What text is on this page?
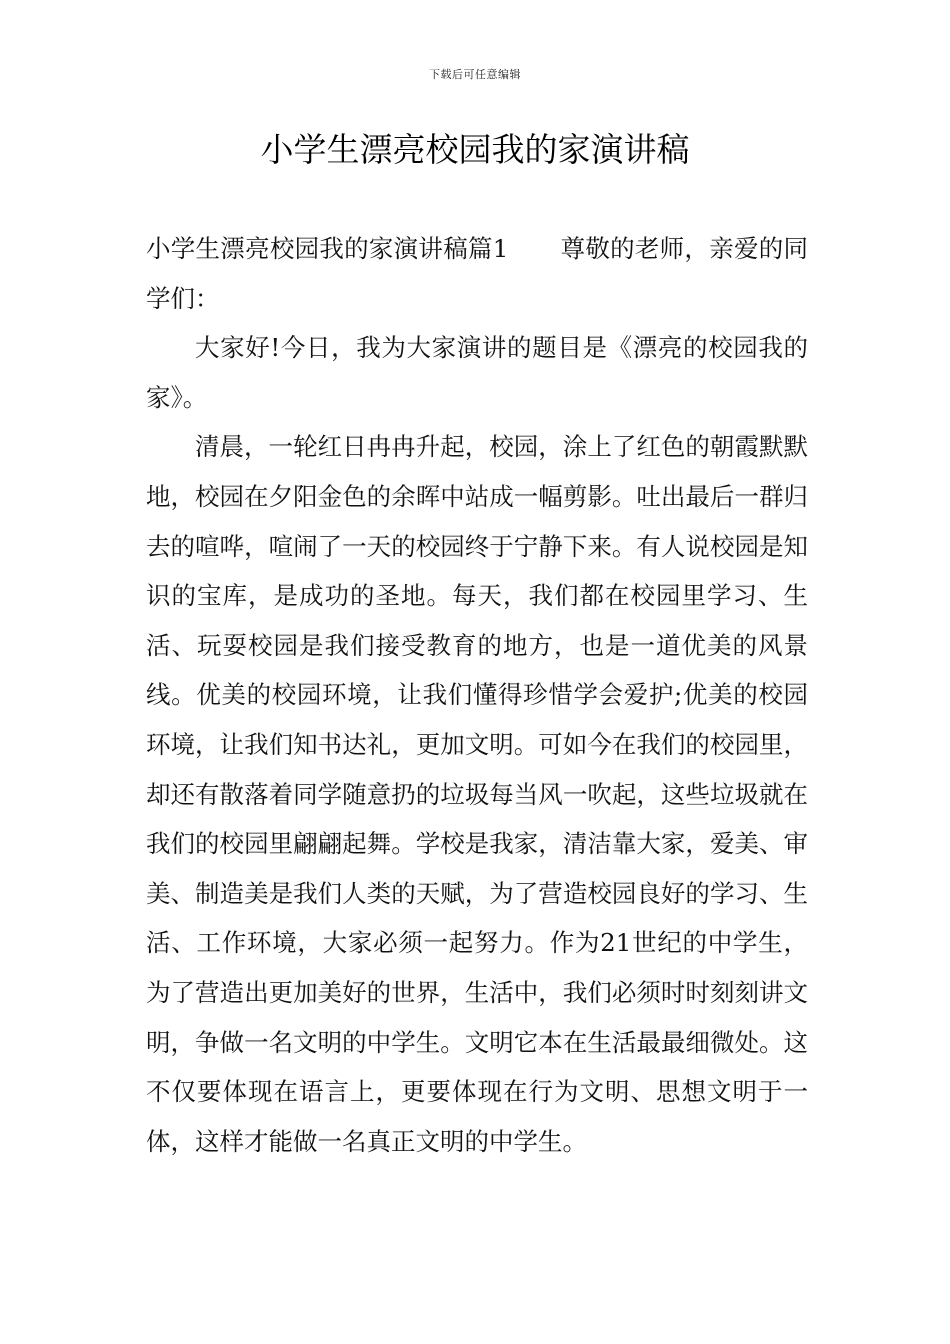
下载后可任意编辑
小学生漂亮校园我的家演讲稿

小学生漂亮校园我的家演讲稿篇1 尊敬的老师，亲爱的同学们：

大家好!今日，我为大家演讲的题目是《漂亮的校园我的家》。

清晨，一轮红日冉冉升起，校园，涂上了红色的朝霞默默地，校园在夕阳金色的余晖中站成一幅剪影。吐出最后一群归去的喧哗，喧闹了一天的校园终于宁静下来。有人说校园是知识的宝库，是成功的圣地。每天，我们都在校园里学习、生活、玩耍校园是我们接受教育的地方，也是一道优美的风景线。优美的校园环境，让我们懂得珍惜学会爱护;优美的校园环境，让我们知书达礼，更加文明。可如今在我们的校园里，却还有散落着同学随意扔的垃圾每当风一吹起，这些垃圾就在我们的校园里翩翩起舞。学校是我家，清洁靠大家，爱美、审美、制造美是我们人类的天赋，为了营造校园良好的学习、生活、工作环境，大家必须一起努力。作为21世纪的中学生，为了营造出更加美好的世界，生活中，我们必须时时刻刻讲文明，争做一名文明的中学生。文明它本在生活最最细微处。这不仅要体现在语言上，更要体现在行为文明、思想文明于一体，这样才能做一名真正文明的中学生。
